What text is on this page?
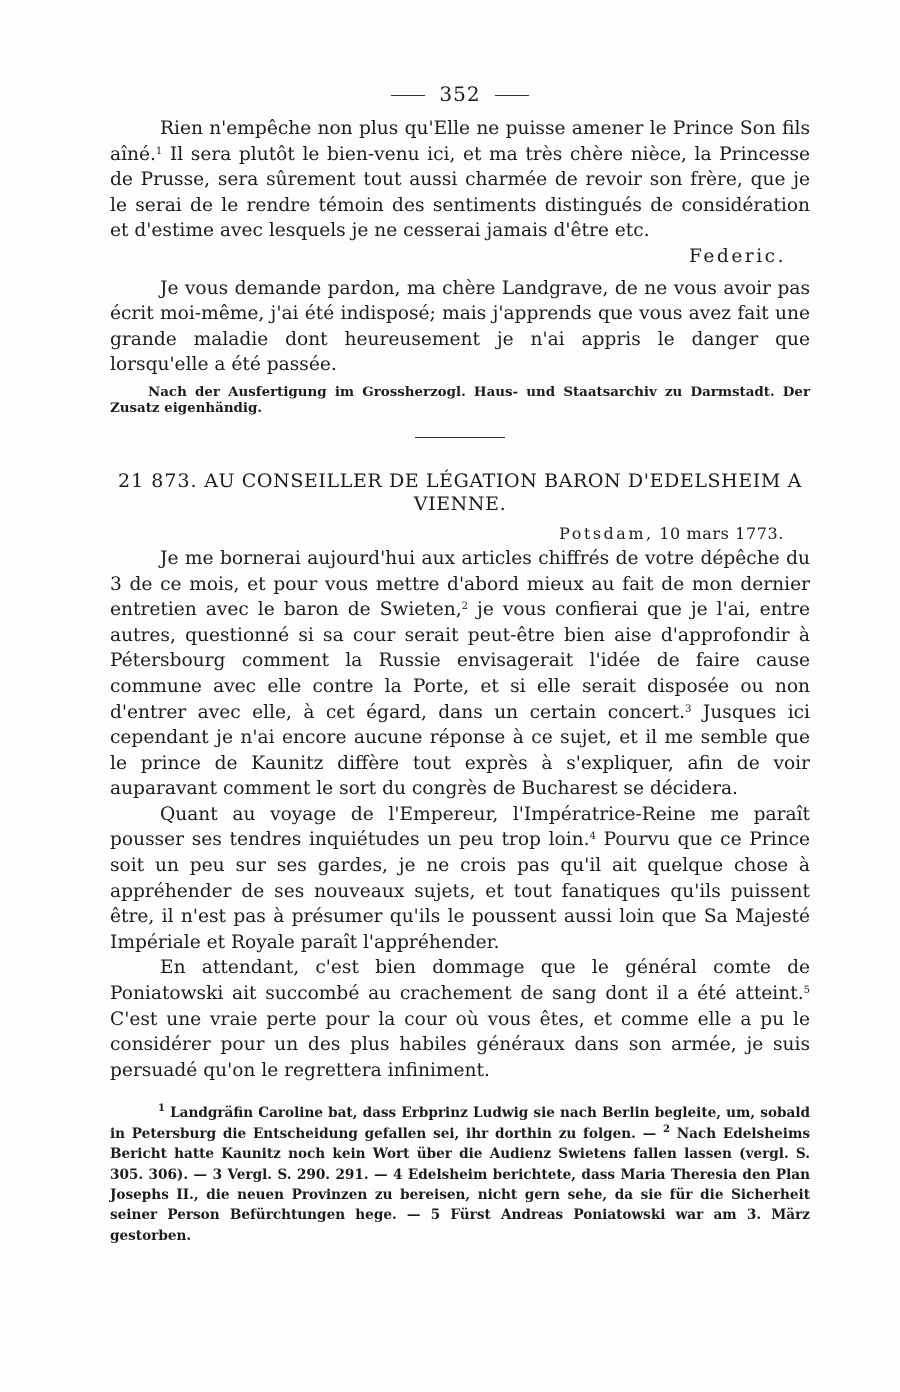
352

Rien n'empêche non plus qu'Elle ne puisse amener le Prince Son fils aîné.$^1$ Il sera plutôt le bien-venu ici, et ma très chère nièce, la Princesse de Prusse, sera sûrement tout aussi charmée de revoir son frère, que je le serai de le rendre témoin des sentiments distingués de considération et d'estime avec lesquels je ne cesserai jamais d'être etc.

Federic.

Je vous demande pardon, ma chère Landgrave, de ne vous avoir pas écrit moi-même, j'ai été indisposé; mais j'apprends que vous avez fait une grande maladie dont heureusement je n'ai appris le danger que lorsqu'elle a été passée.

Nach der Ausfertigung im Grossherzogl. Haus- und Staatsarchiv zu Darmstadt. Der Zusatz eigenhändig.
21 873. AU CONSEILLER DE LÉGATION BARON D'EDELSHEIM A VIENNE.
Potsdam, 10 mars 1773.

Je me bornerai aujourd'hui aux articles chiffrés de votre dépêche du 3 de ce mois, et pour vous mettre d'abord mieux au fait de mon dernier entretien avec le baron de Swieten,$^2$ je vous confierai que je l'ai, entre autres, questionné si sa cour serait peut-être bien aise d'approfondir à Pétersbourg comment la Russie envisagerait l'idée de faire cause commune avec elle contre la Porte, et si elle serait disposée ou non d'entrer avec elle, à cet égard, dans un certain concert.$^3$ Jusques ici cependant je n'ai encore aucune réponse à ce sujet, et il me semble que le prince de Kaunitz diffère tout exprès à s'expliquer, afin de voir auparavant comment le sort du congrès de Bucharest se décidera.

Quant au voyage de l'Empereur, l'Impératrice-Reine me paraît pousser ses tendres inquiétudes un peu trop loin.$^4$ Pourvu que ce Prince soit un peu sur ses gardes, je ne crois pas qu'il ait quelque chose à appréhender de ses nouveaux sujets, et tout fanatiques qu'ils puissent être, il n'est pas à présumer qu'ils le poussent aussi loin que Sa Majesté Impériale et Royale paraît l'appréhender.

En attendant, c'est bien dommage que le général comte de Poniatowski ait succombé au crachement de sang dont il a été atteint.$^5$ C'est une vraie perte pour la cour où vous êtes, et comme elle a pu le considérer pour un des plus habiles généraux dans son armée, je suis persuadé qu'on le regrettera infiniment.

$^1$ Landgräfin Caroline bat, dass Erbprinz Ludwig sie nach Berlin begleite, um, sobald in Petersburg die Entscheidung gefallen sei, ihr dorthin zu folgen. — $^2$ Nach Edelsheims Bericht hatte Kaunitz noch kein Wort über die Audienz Swietens fallen lassen (vergl. S. 305. 306). — 3 Vergl. S. 290. 291. — 4 Edelsheim berichtete, dass Maria Theresia den Plan Josephs II., die neuen Provinzen zu bereisen, nicht gern sehe, da sie für die Sicherheit seiner Person Befürchtungen hege. — 5 Fürst Andreas Poniatowski war am 3. März gestorben.
